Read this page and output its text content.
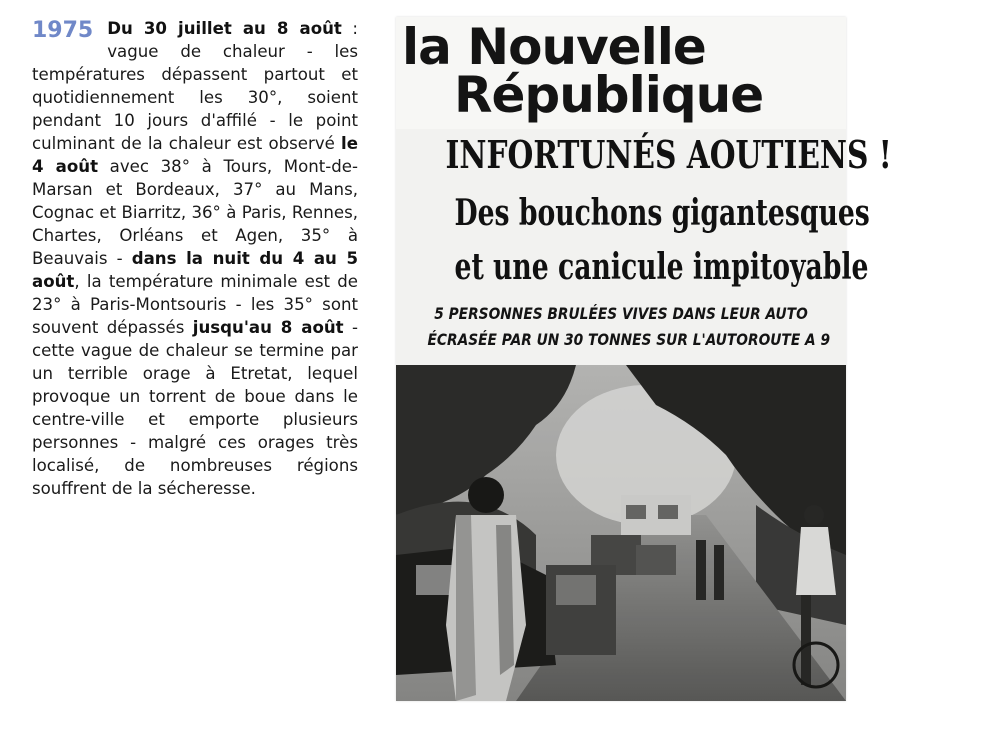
1975 Du 30 juillet au 8 août : vague de chaleur - les températures dépassent partout et quotidiennement les 30°, soient pendant 10 jours d'affilé - le point culminant de la chaleur est observé le 4 août avec 38° à Tours, Mont-de-Marsan et Bordeaux, 37° au Mans, Cognac et Biarritz, 36° à Paris, Rennes, Chartes, Orléans et Agen, 35° à Beauvais - dans la nuit du 4 au 5 août, la température minimale est de 23° à Paris-Montsouris - les 35° sont souvent dépassés jusqu'au 8 août - cette vague de chaleur se termine par un terrible orage à Etretat, lequel provoque un torrent de boue dans le centre-ville et emporte plusieurs personnes - malgré ces orages très localisé, de nombreuses régions souffrent de la sécheresse.
la Nouvelle
République
INFORTUNÉS AOUTIENS !
Des bouchons gigantesques
et une canicule impitoyable
5 PERSONNES BRULÉES VIVES DANS LEUR AUTO
ÉCRASÉE PAR UN 30 TONNES SUR L'AUTOROUTE A 9
